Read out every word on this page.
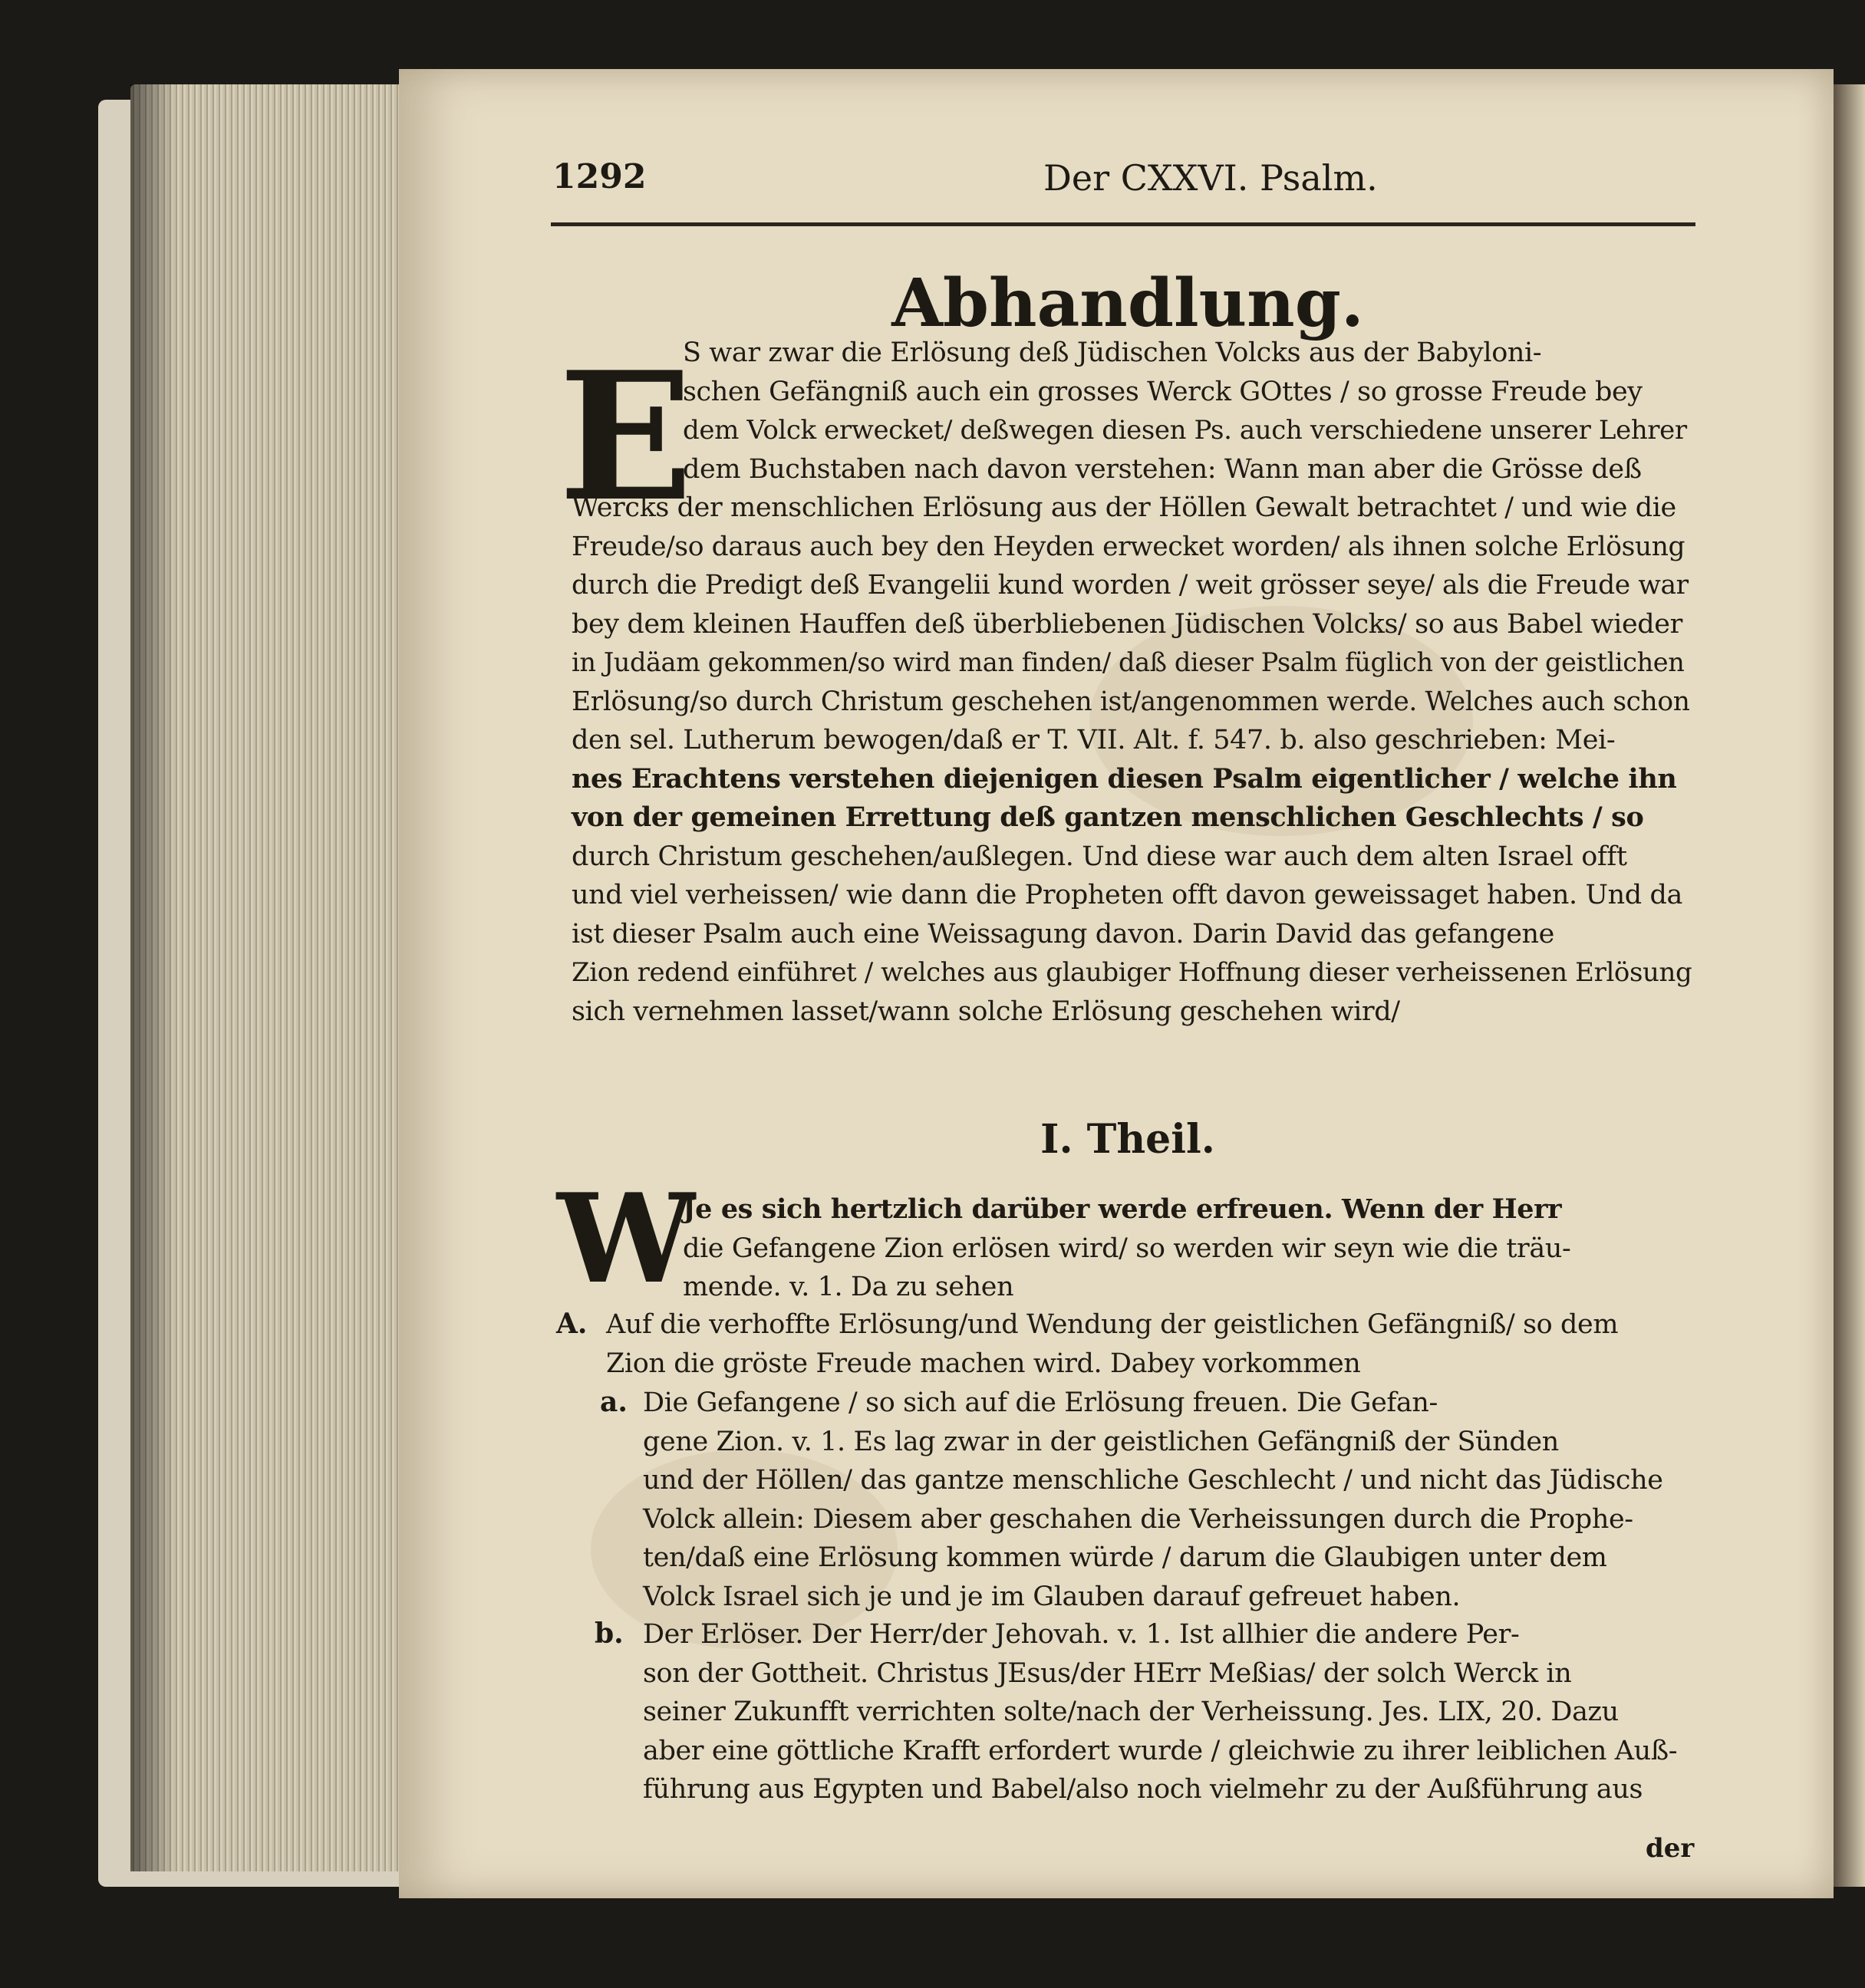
1292	Der CXXVI. Psalm.
Abhandlung.
E
S war zwar die Erlösung deß Jüdischen Volcks aus der Babyloni-
schen Gefängniß auch ein grosses Werck GOttes / so grosse Freude bey
dem Volck erwecket/ deßwegen diesen Ps. auch verschiedene unserer Lehrer
dem Buchstaben nach davon verstehen: Wann man aber die Grösse deß
Wercks der menschlichen Erlösung aus der Höllen Gewalt betrachtet / und wie die
Freude/so daraus auch bey den Heyden erwecket worden/ als ihnen solche Erlösung
durch die Predigt deß Evangelii kund worden / weit grösser seye/ als die Freude war
bey dem kleinen Hauffen deß überbliebenen Jüdischen Volcks/ so aus Babel wieder
in Judäam gekommen/so wird man finden/ daß dieser Psalm füglich von der geistlichen
Erlösung/so durch Christum geschehen ist/angenommen werde. Welches auch schon
den sel. Lutherum bewogen/daß er T. VII. Alt. f. 547. b. also geschrieben: Mei-
nes Erachtens verstehen diejenigen diesen Psalm eigentlicher / welche ihn
von der gemeinen Errettung deß gantzen menschlichen Geschlechts / so
durch Christum geschehen/außlegen. Und diese war auch dem alten Israel offt
und viel verheissen/ wie dann die Propheten offt davon geweissaget haben. Und da
ist dieser Psalm auch eine Weissagung davon. Darin David das gefangene
Zion redend einführet / welches aus glaubiger Hoffnung dieser verheissenen Erlösung
sich vernehmen lasset/wann solche Erlösung geschehen wird/
I. Theil.
W
Je es sich hertzlich darüber werde erfreuen. Wenn der Herr
die Gefangene Zion erlösen wird/ so werden wir seyn wie die träu-
mende. v. 1. Da zu sehen
A. Auf die verhoffte Erlösung/und Wendung der geistlichen Gefängniß/ so dem
Zion die gröste Freude machen wird. Dabey vorkommen
a. Die Gefangene / so sich auf die Erlösung freuen. Die Gefan-
gene Zion. v. 1. Es lag zwar in der geistlichen Gefängniß der Sünden
und der Höllen/ das gantze menschliche Geschlecht / und nicht das Jüdische
Volck allein: Diesem aber geschahen die Verheissungen durch die Prophe-
ten/daß eine Erlösung kommen würde / darum die Glaubigen unter dem
Volck Israel sich je und je im Glauben darauf gefreuet haben.
b. Der Erlöser. Der Herr/der Jehovah. v. 1. Ist allhier die andere Per-
son der Gottheit. Christus JEsus/der HErr Meßias/ der solch Werck in
seiner Zukunfft verrichten solte/nach der Verheissung. Jes. LIX, 20. Dazu
aber eine göttliche Krafft erfordert wurde / gleichwie zu ihrer leiblichen Auß-
führung aus Egypten und Babel/also noch vielmehr zu der Außführung aus
der
